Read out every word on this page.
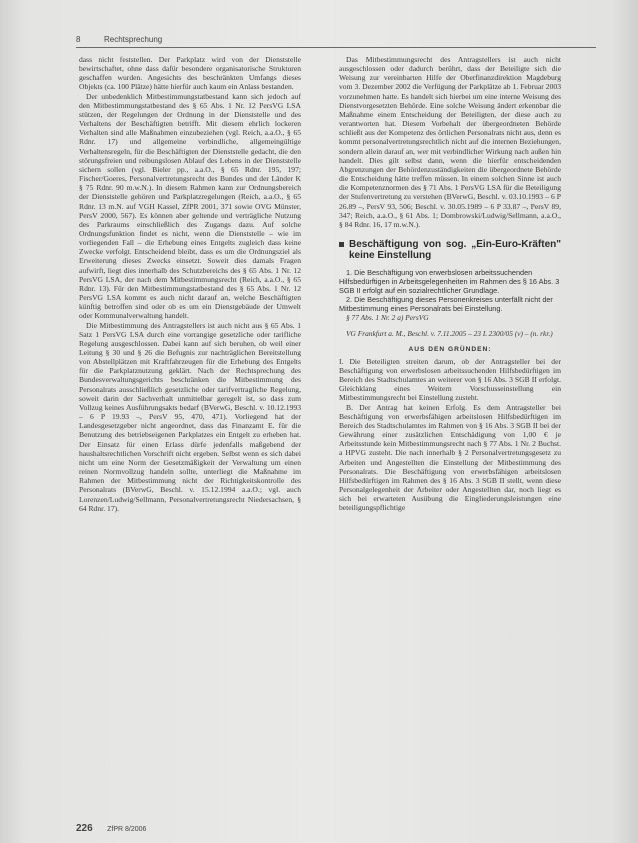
8	Rechtsprechung

dass nicht feststellen. Der Parkplatz wird von der Dienststelle bewirtschaftet, ohne dass dafür besondere organisatorische Strukturen geschaffen wurden. Angesichts des beschränkten Umfangs dieses Objekts (ca. 100 Plätze) hätte hierfür auch kaum ein Anlass bestanden.

Der unbedenklich Mitbestimmungstatbestand kann sich jedoch auf den Mitbestimmungstatbestand des § 65 Abs. 1 Nr. 12 PersVG LSA stützen, der Regelungen der Ordnung in der Dienststelle und des Verhaltens der Beschäftigten betrifft. Mit diesem ehrlich lockeren Verhalten sind alle Maßnahmen einzubeziehen (vgl. Reich, a.a.O., § 65 Rdnr. 17) und allgemeine verbindliche, allgemeingültige Verhaltensregeln, für die Beschäftigten der Dienststelle gedacht, die den störungsfreien und reibungslosen Ablauf des Lebens in der Dienststelle sichern sollen (vgl. Bieler pp., a.a.O., § 65 Rdnr. 195, 197; Fischer/Goeres, Personalvertretungsrecht des Bundes und der Länder K § 75 Rdnr. 90 m.w.N.). In diesem Rahmen kann zur Ordnungsbereich der Dienststelle gehören und Parkplatzregelungen (Reich, a.a.O., § 65 Rdnr. 13 m.N. auf VGH Kassel, ZfPR 2001, 371 sowie OVG Münster, PersV 2000, 567). Es können aber geltende und verträgliche Nutzung des Parkraums einschließlich des Zugangs dazu. Auf solche Ordnungsfunktion findet es nicht, wenn die Dienststelle – wie im vorliegenden Fall – die Erhebung eines Entgelts zugleich dass keine Zwecke verfolgt. Entscheidend bleibt, dass es um die Ordnungsziel als Erweiterung dieses Zwecks einsetzt. Soweit dies damals Fragen aufwirft, liegt dies innerhalb des Schutzbereichs des § 65 Abs. 1 Nr. 12 PersVG LSA, der nach dem Mitbestimmungsrecht (Reich, a.a.O., § 65 Rdnr. 13). Für den Mitbestimmungstatbestand des § 65 Abs. 1 Nr. 12 PersVG LSA kommt es auch nicht darauf an, welche Beschäftigten künftig betroffen sind oder ob es um ein Dienstgebäude der Umwelt oder Kommunalverwaltung handelt.

Die Mitbestimmung des Antragstellers ist auch nicht aus § 65 Abs. 1 Satz 1 PersVG LSA durch eine vorrangige gesetzliche oder tarifliche Regelung ausgeschlossen. Dabei kann auf sich beruhen, ob weil einer Leitung § 30 und § 26 die Befugnis zur nachträglichen Bereitstellung von Abstellplätzen mit Kraftfahrzeugen für die Erhebung des Entgelts für die Parkplatznutzung geklärt. Nach der Rechtsprechung des Bundesverwaltungsgerichts beschränken die Mitbestimmung des Personalrats ausschließlich gesetzliche oder tarifvertragliche Regelung, soweit darin der Sachverhalt unmittelbar geregelt ist, so dass zum Vollzug keines Ausführungsakts bedarf (BVerwG, Beschl. v. 10.12.1993 – 6 P 19.93 –, PersV 95, 470, 471). Vorliegend hat der Landesgesetzgeber nicht angeordnet, dass das Finanzamt E. für die Benutzung des betriebseigenen Parkplatzes ein Entgelt zu erheben hat. Der Einsatz für einen Erlass dürfe jedenfalls maßgebend der haushaltsrechtlichen Vorschrift nicht ergeben. Selbst wenn es sich dabei nicht um eine Norm der Gesetzmäßigkeit der Verwaltung um einen reinen Normvollzug handeln sollte, unterliegt die Maßnahme im Rahmen der Mitbestimmung nicht der Richtigkeitskontrolle des Personalrats (BVerwG, Beschl. v. 15.12.1994 a.a.O.; vgl. auch Lorenzen/Ludwig/Sellmann, Personalvertretungsrecht Niedersachsen, § 64 Rdnr. 17).

Das Mitbestimmungsrecht des Antragstellers ist auch nicht ausgeschlossen oder dadurch berührt, dass der Beteiligte sich die Weisung zur vereinbarten Hilfe der Oberfinanzdirektion Magdeburg vom 3. Dezember 2002 die Verfügung der Parkplätze ab 1. Februar 2003 vorzunehmen hatte. Es handelt sich hierbei um eine interne Weisung des Dienstvorgesetzten Behörde. Eine solche Weisung ändert erkennbar die Maßnahme einem Entscheidung der Beteiligten, der diese auch zu verantworten hat. Diesem Vorbehalt der übergeordneten Behörde schließt aus der Kompetenz des örtlichen Personalrats nicht aus, denn es kommt personalvertretungsrechtlich nicht auf die internen Beziehungen, sondern allein darauf an, wer mit verbindlicher Wirkung nach außen hin handelt. Dies gilt selbst dann, wenn die hierfür entscheidenden Abgrenzungen der Behördenzuständigkeiten die übergeordnete Behörde die Entscheidung hätte treffen müssen. In einem solchen Sinne ist auch die Kompetenznormen des § 71 Abs. 1 PersVG LSA für die Beteiligung der Stufenvertretung zu verstehen (BVerwG, Beschl. v. 03.10.1993 – 6 P 26.89 –, PersV 93, 506; Beschl. v. 30.05.1989 – 6 P 33.87 –, PersV 89, 347; Reich, a.a.O., § 61 Abs. 1; Dombrowski/Ludwig/Sellmann, a.a.O., § 84 Rdnr. 16, 17 m.w.N.).

Beschäftigung von sog. „Ein-Euro-Kräften" keine Einstellung

1. Die Beschäftigung von erwerbslosen arbeitssuchenden Hilfsbedürftigen in Arbeitsgelegenheiten im Rahmen des § 16 Abs. 3 SGB II erfolgt auf ein sozialrechtlicher Grundlage.

2. Die Beschäftigung dieses Personenkreises unterfällt nicht der Mitbestimmung eines Personalrats bei Einstellung.

§ 77 Abs. 1 Nr. 2 a) PersVG

VG Frankfurt a. M., Beschl. v. 7.11.2005 – 23 L 2300/05 (v) – (n. rkr.)

AUS DEN GRÜNDEN:

I. Die Beteiligten streiten darum, ob der Antragsteller bei der Beschäftigung von erwerbslosen arbeitssuchenden Hilfsbedürftigen im Bereich des Stadtschulamtes an weiterer von § 16 Abs. 3 SGB II erfolgt. Gleichklang eines Weitern Vorschusseinstellung ein Mitbestimmungsrecht bei Einstellung zusteht.

B. Der Antrag hat keinen Erfolg. Es dem Antragsteller bei Beschäftigung von erwerbsfähigen arbeitslosen Hilfsbedürftigen im Bereich des Stadtschulamtes im Rahmen von § 16 Abs. 3 SGB II bei der Gewährung einer zusätzlichen Entschädigung von 1,00 € je Arbeitsstunde kein Mitbestimmungsrecht nach § 77 Abs. 1 Nr. 2 Buchst. a HPVG zusteht. Die nach innerhalb § 2 Personalvertretungsgesetz zu Arbeiten und Angestellten die Einstellung der Mitbestimmung des Personalrats. Die Beschäftigung von erwerbsfähigen arbeitslosen Hilfsbedürftigen im Rahmen des § 16 Abs. 3 SGB II stellt, wenn diese Personalgelegenheit der Arbeiter oder Angestellten dar, noch liegt es sich bei erwarteten Ausübung die Eingliederungsleistungen eine beteiligungspflichtige

226 ZfPR 8/2006
